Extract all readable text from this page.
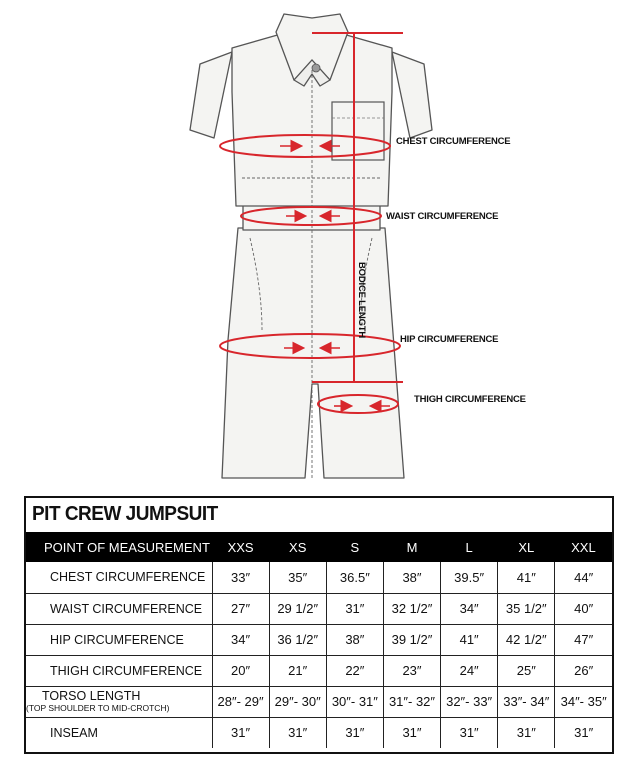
CHEST CIRCUMFERENCE
WAIST CIRCUMFERENCE
HIP CIRCUMFERENCE
THIGH CIRCUMFERENCE
BODICE LENGTH
PIT CREW JUMPSUIT
POINT OF MEASUREMENT	XXS	XS	S	M	L	XL	XXL

CHEST CIRCUMFERENCE	33″	35″	36.5″	38″	39.5″	41″	44″

WAIST CIRCUMFERENCE	27″	29 1/2″	31″	32 1/2″	34″	35 1/2″	40″

HIP CIRCUMFERENCE	34″	36 1/2″	38″	39 1/2″	41″	42 1/2″	47″

THIGH CIRCUMFERENCE	20″	21″	22″	23″	24″	25″	26″

TORSO LENGTH
(TOP SHOULDER TO MID-CROTCH)	28″- 29″	29″- 30″	30″- 31″	31″- 32″	32″- 33″	33″- 34″	34″- 35″

INSEAM	31″	31″	31″	31″	31″	31″	31″
